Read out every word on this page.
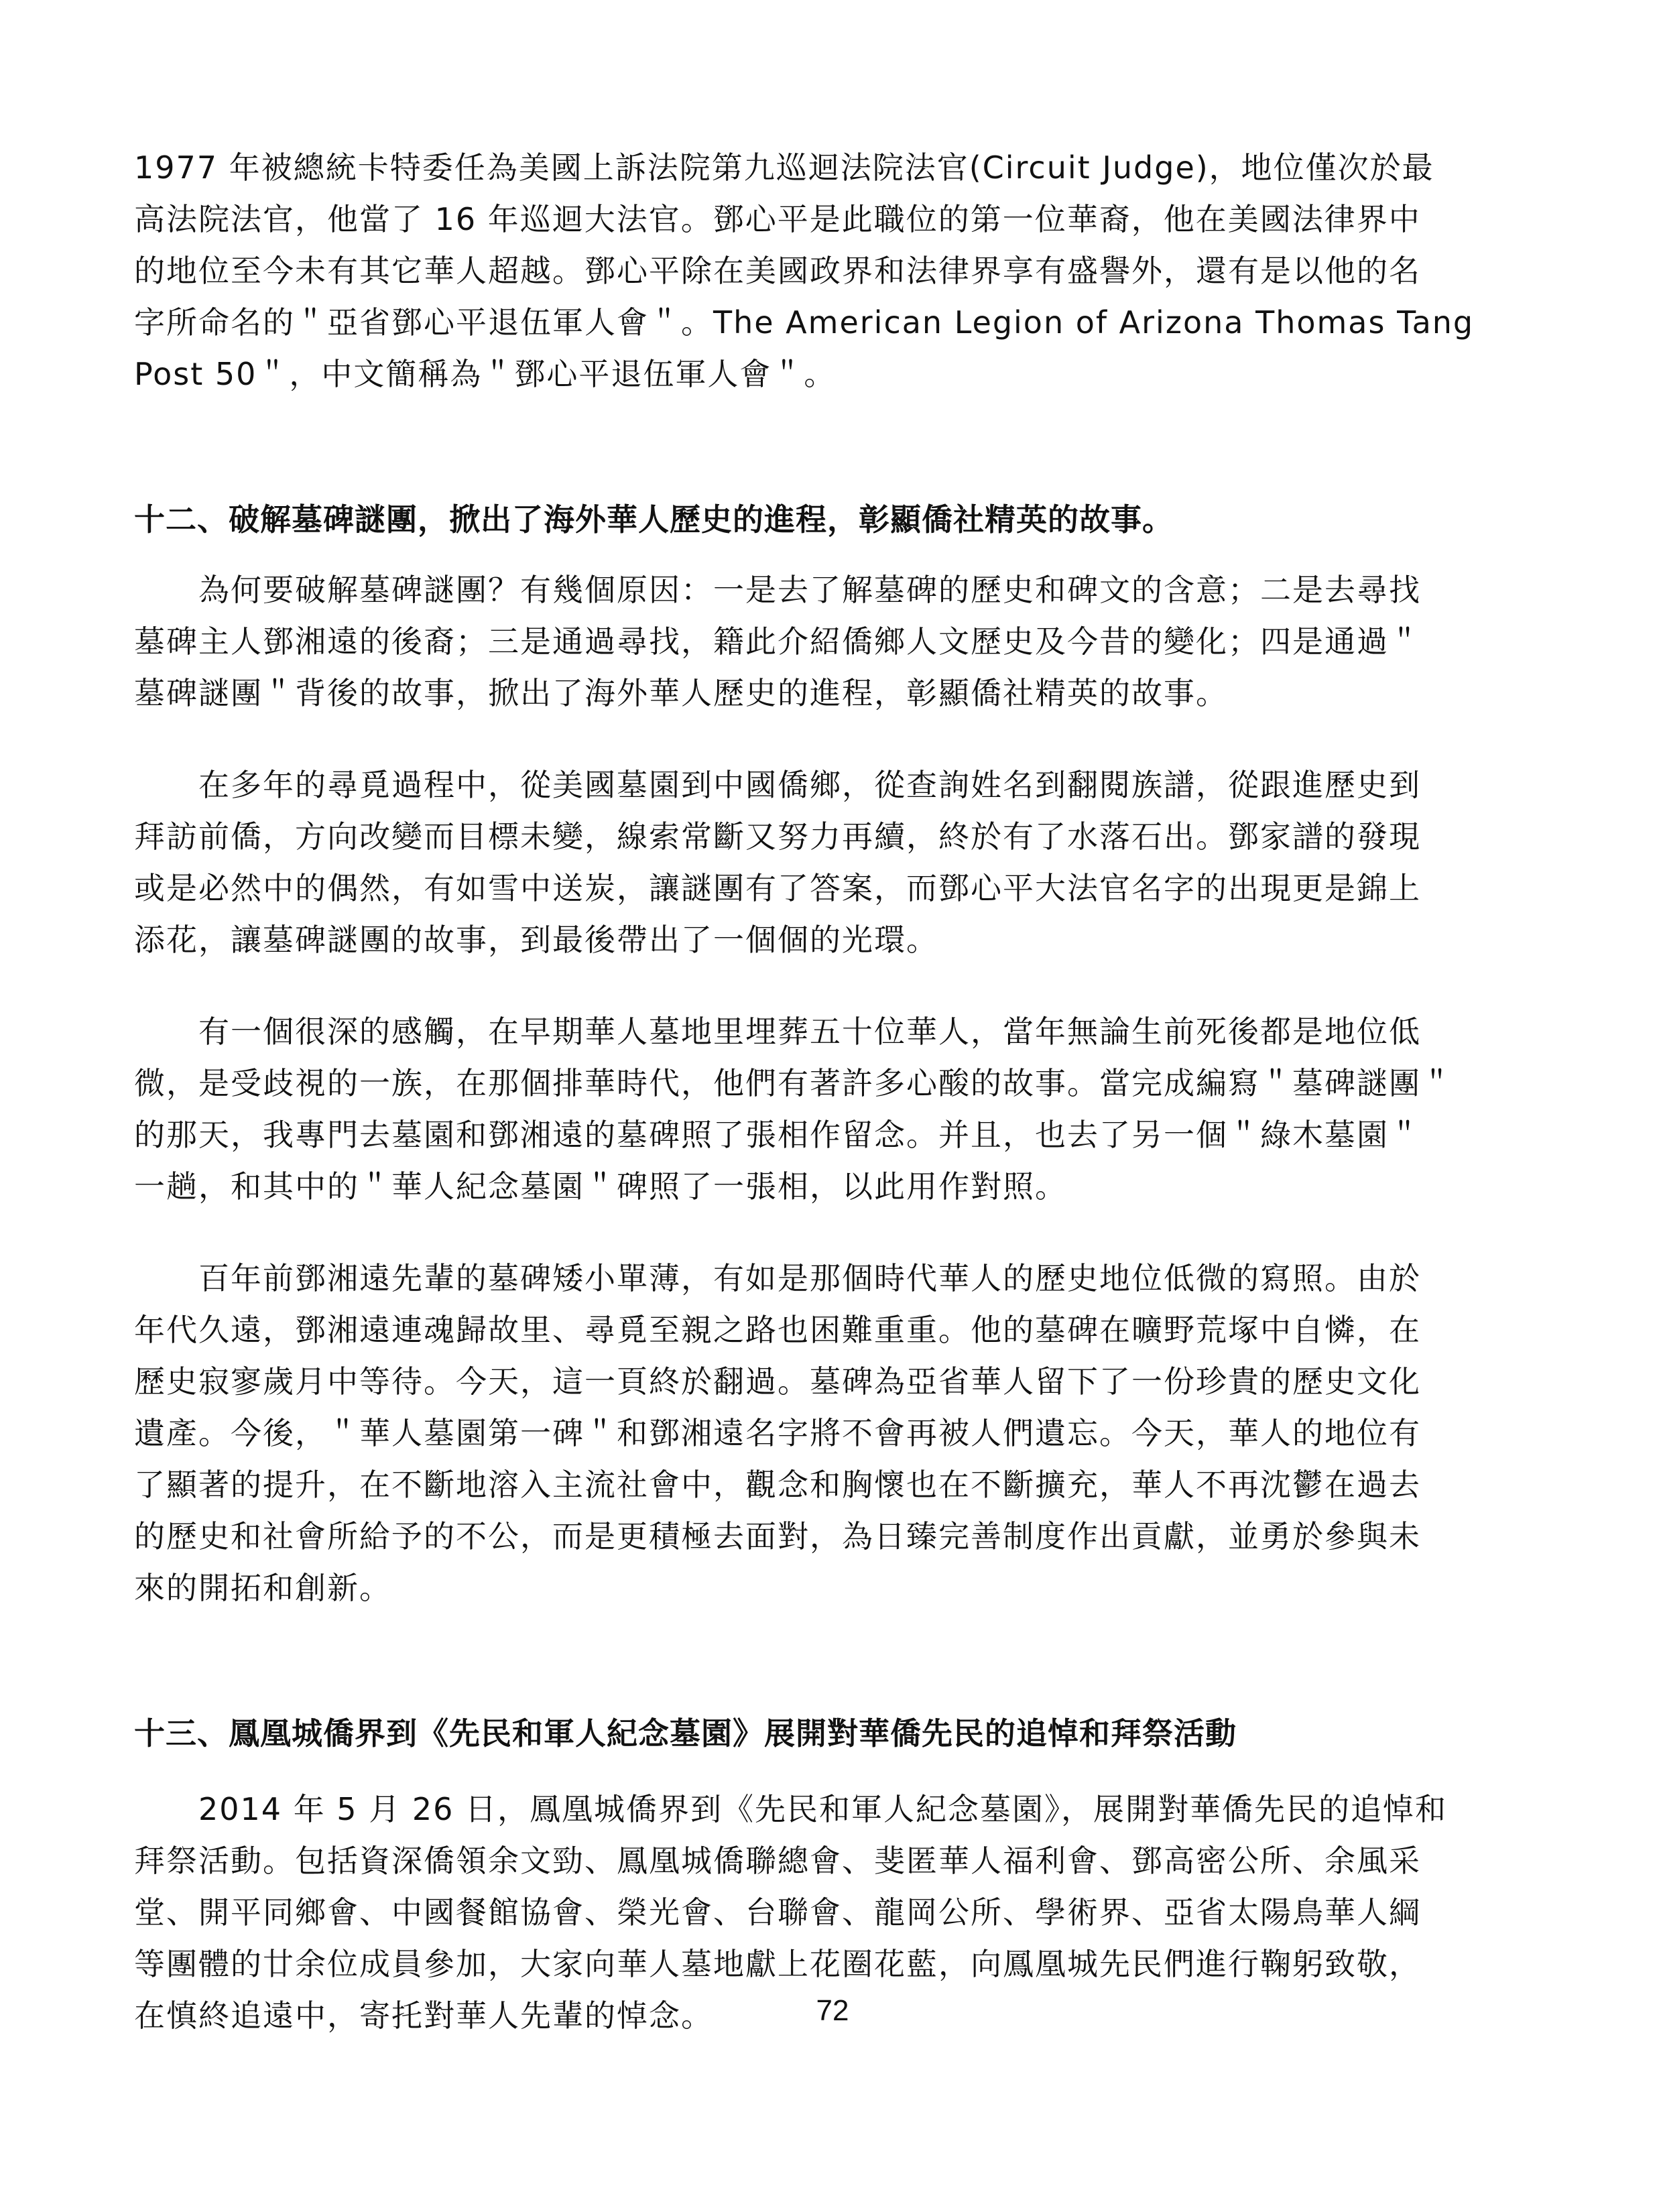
1977 年被總統卡特委任為美國上訴法院第九巡迴法院法官(Circuit Judge)，地位僅次於最
高法院法官，他當了 16 年巡迴大法官。鄧心平是此職位的第一位華裔，他在美國法律界中
的地位至今未有其它華人超越。鄧心平除在美國政界和法律界享有盛譽外，還有是以他的名
字所命名的＂亞省鄧心平退伍軍人會＂。The American Legion of Arizona Thomas Tang
Post 50＂，中文簡稱為＂鄧心平退伍軍人會＂。

十二、破解墓碑謎團，掀出了海外華人歷史的進程，彰顯僑社精英的故事。

為何要破解墓碑謎團？有幾個原因：一是去了解墓碑的歷史和碑文的含意；二是去尋找
墓碑主人鄧湘遠的後裔；三是通過尋找，籍此介紹僑鄉人文歷史及今昔的變化；四是通過＂
墓碑謎團＂背後的故事，掀出了海外華人歷史的進程，彰顯僑社精英的故事。

在多年的尋覓過程中，從美國墓園到中國僑鄉，從查詢姓名到翻閱族譜，從跟進歷史到
拜訪前僑，方向改變而目標未變，線索常斷又努力再續，終於有了水落石出。鄧家譜的發現
或是必然中的偶然，有如雪中送炭，讓謎團有了答案，而鄧心平大法官名字的出現更是錦上
添花，讓墓碑謎團的故事，到最後帶出了一個個的光環。

有一個很深的感觸，在早期華人墓地里埋葬五十位華人，當年無論生前死後都是地位低
微，是受歧視的一族，在那個排華時代，他們有著許多心酸的故事。當完成編寫＂墓碑謎團＂
的那天，我專門去墓園和鄧湘遠的墓碑照了張相作留念。并且，也去了另一個＂綠木墓園＂
一趟，和其中的＂華人紀念墓園＂碑照了一張相，以此用作對照。

百年前鄧湘遠先輩的墓碑矮小單薄，有如是那個時代華人的歷史地位低微的寫照。由於
年代久遠，鄧湘遠連魂歸故里、尋覓至親之路也困難重重。他的墓碑在曠野荒塚中自憐，在
歷史寂寥歲月中等待。今天，這一頁終於翻過。墓碑為亞省華人留下了一份珍貴的歷史文化
遺產。今後，＂華人墓園第一碑＂和鄧湘遠名字將不會再被人們遺忘。今天，華人的地位有
了顯著的提升，在不斷地溶入主流社會中，觀念和胸懷也在不斷擴充，華人不再沈鬱在過去
的歷史和社會所給予的不公，而是更積極去面對，為日臻完善制度作出貢獻，並勇於參與未
來的開拓和創新。

十三、鳳凰城僑界到《先民和軍人紀念墓園》展開對華僑先民的追悼和拜祭活動

2014 年 5 月 26 日，鳳凰城僑界到《先民和軍人紀念墓園》，展開對華僑先民的追悼和
拜祭活動。包括資深僑領余文勁、鳳凰城僑聯總會、斐匿華人福利會、鄧高密公所、余風采
堂、開平同鄉會、中國餐館協會、榮光會、台聯會、龍岡公所、學術界、亞省太陽鳥華人綱
等團體的廿余位成員參加，大家向華人墓地獻上花圈花藍，向鳳凰城先民們進行鞠躬致敬，
在慎終追遠中，寄托對華人先輩的悼念。	72
